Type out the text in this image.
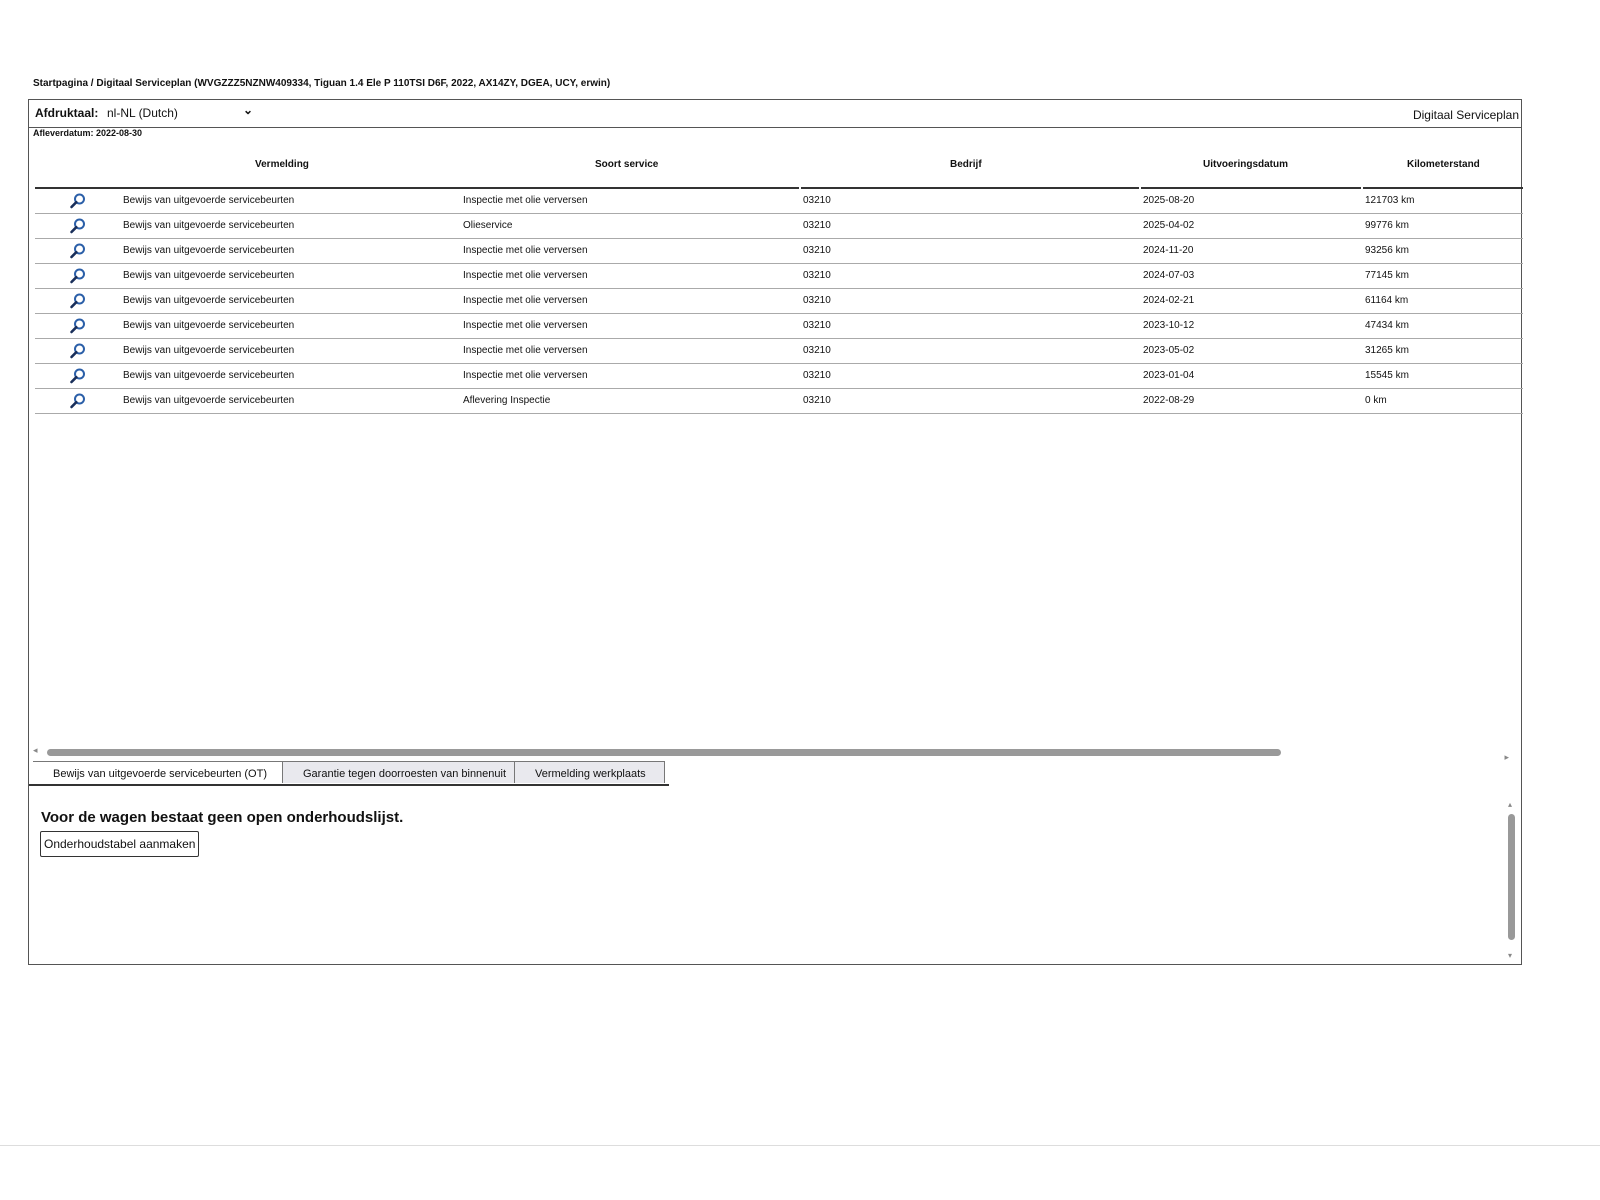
Startpagina / Digitaal Serviceplan (WVGZZZ5NZNW409334, Tiguan 1.4 Ele P 110TSI D6F, 2022, AX14ZY, DGEA, UCY, erwin)
Afdruktaal: nl-NL (Dutch)	⌄	Digitaal Serviceplan
Afleverdatum: 2022-08-30
Vermelding	Soort service	Bedrijf	Uitvoeringsdatum	Kilometerstand
Bewijs van uitgevoerde servicebeurten	Inspectie met olie verversen	03210	2025-08-20	121703 km
Bewijs van uitgevoerde servicebeurten	Olieservice	03210	2025-04-02	99776 km
Bewijs van uitgevoerde servicebeurten	Inspectie met olie verversen	03210	2024-11-20	93256 km
Bewijs van uitgevoerde servicebeurten	Inspectie met olie verversen	03210	2024-07-03	77145 km
Bewijs van uitgevoerde servicebeurten	Inspectie met olie verversen	03210	2024-02-21	61164 km
Bewijs van uitgevoerde servicebeurten	Inspectie met olie verversen	03210	2023-10-12	47434 km
Bewijs van uitgevoerde servicebeurten	Inspectie met olie verversen	03210	2023-05-02	31265 km
Bewijs van uitgevoerde servicebeurten	Inspectie met olie verversen	03210	2023-01-04	15545 km
Bewijs van uitgevoerde servicebeurten	Aflevering Inspectie	03210	2022-08-29	0 km
◂
▸
Bewijs van uitgevoerde servicebeurten (OT)	Garantie tegen doorroesten van binnenuit	Vermelding werkplaats
Voor de wagen bestaat geen open onderhoudslijst.
Onderhoudstabel aanmaken
▴
▾
